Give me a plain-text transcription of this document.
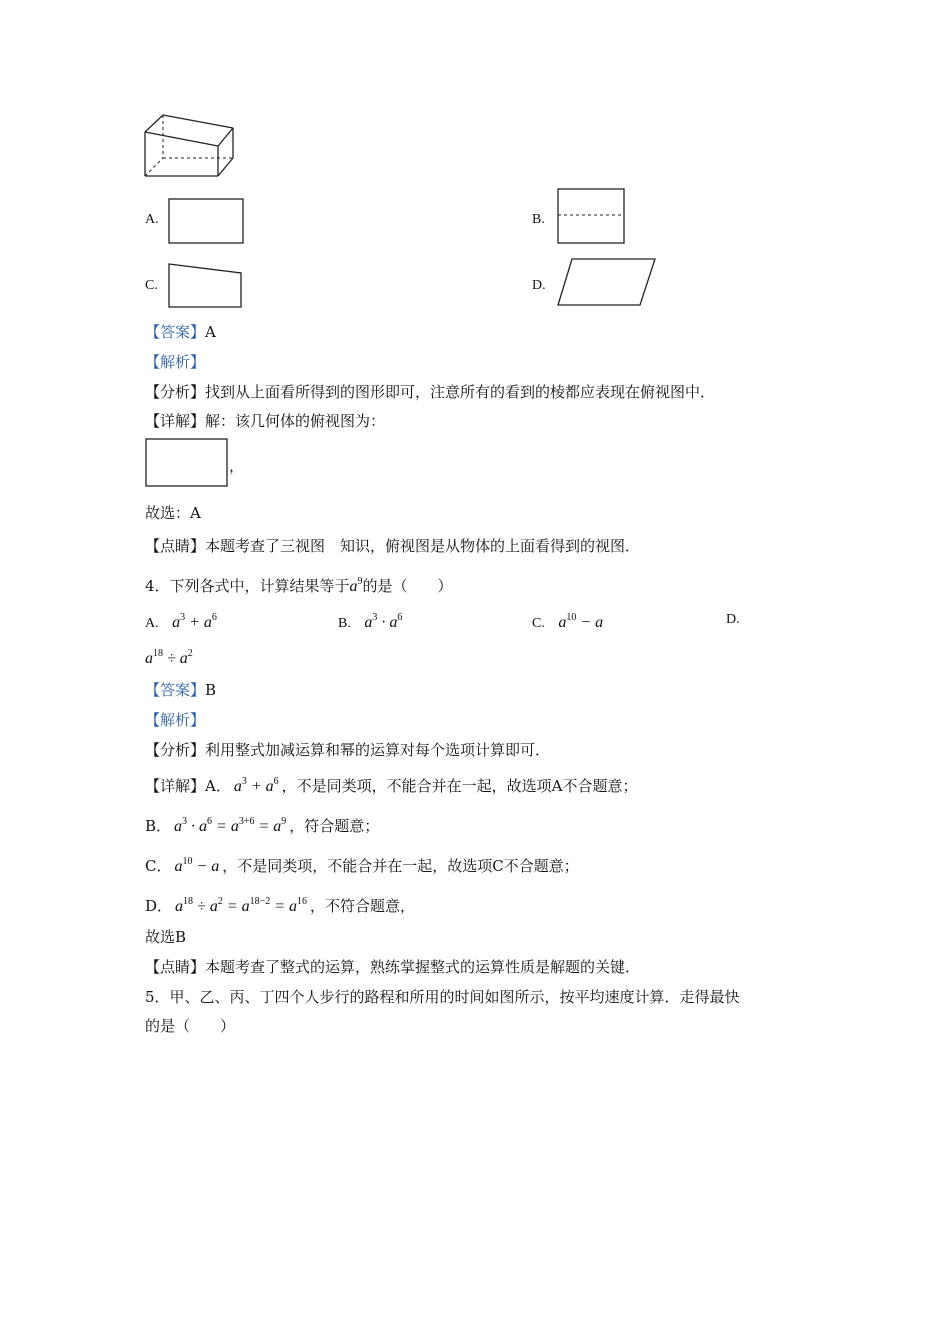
A.	B.
C.	D.
【答案】A
【解析】
【分析】找到从上面看所得到的图形即可，注意所有的看到的棱都应表现在俯视图中．
【详解】解：该几何体的俯视图为：
，
故选：A
【点睛】本题考查了三视图　知识，俯视图是从物体的上面看得到的视图．
4．下列各式中，计算结果等于$a^9$的是（　　）
A. $a^3 + a^6$	B. $a^3 \cdot a^6$	C. $a^{10} - a$	D.
$a^{18} \div a^2$
【答案】B
【解析】
【分析】利用整式加减运算和幂的运算对每个选项计算即可．
【详解】A． $a^3 + a^6$ ，不是同类项，不能合并在一起，故选项A不合题意；
B． $a^3 \cdot a^6 = a^{3+6} = a^9$ ，符合题意；
C． $a^{10} - a$ ，不是同类项，不能合并在一起，故选项C不合题意；
D． $a^{18} \div a^2 = a^{18-2} = a^{16}$ ，不符合题意，
故选B
【点睛】本题考查了整式的运算，熟练掌握整式的运算性质是解题的关键．
5．甲、乙、丙、丁四个人步行的路程和所用的时间如图所示，按平均速度计算．走得最快
的是（　　）
